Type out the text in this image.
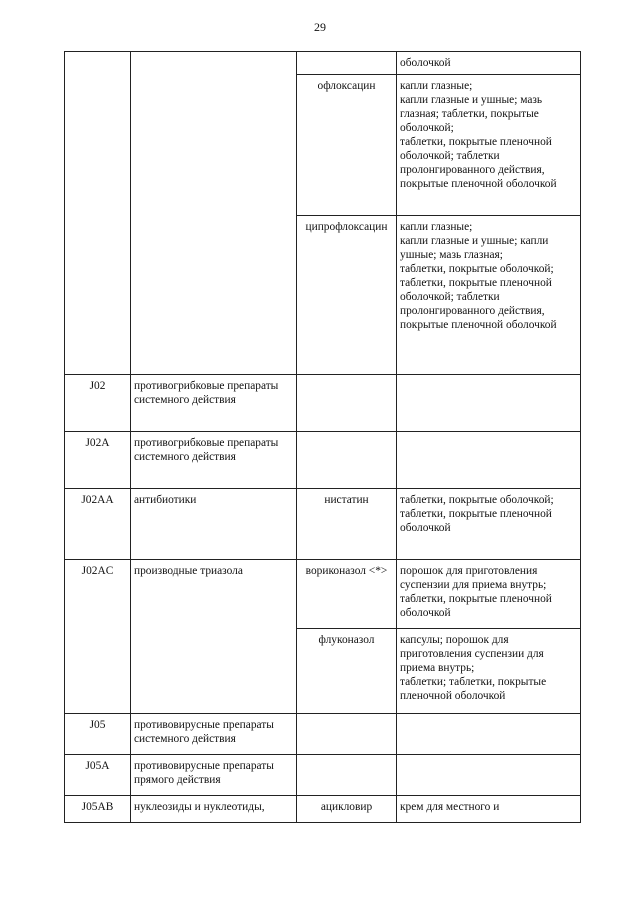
29

			оболочкой

		офлоксацин	капли глазные;
капли глазные и ушные; мазь глазная; таблетки, покрытые оболочкой;
таблетки, покрытые пленочной оболочкой; таблетки пролонгированного действия, покрытые пленочной оболочкой

		ципрофлоксацин	капли глазные;
капли глазные и ушные; капли ушные; мазь глазная;
таблетки, покрытые оболочкой;
таблетки, покрытые пленочной оболочкой; таблетки пролонгированного действия, покрытые пленочной оболочкой

J02	противогрибковые препараты системного действия		
J02A	противогрибковые препараты системного действия		
J02AA	антибиотики	нистатин	таблетки, покрытые оболочкой;
таблетки, покрытые пленочной оболочкой

J02AC	производные триазола	вориконазол <*>	порошок для приготовления суспензии для приема внутрь;
таблетки, покрытые пленочной оболочкой

		флуконазол	капсулы; порошок для приготовления суспензии для приема внутрь;
таблетки; таблетки, покрытые пленочной оболочкой

J05	противовирусные препараты системного действия		
J05A	противовирусные препараты прямого действия		
J05AB	нуклеозиды и нуклеотиды,	ацикловир	крем для местного и
